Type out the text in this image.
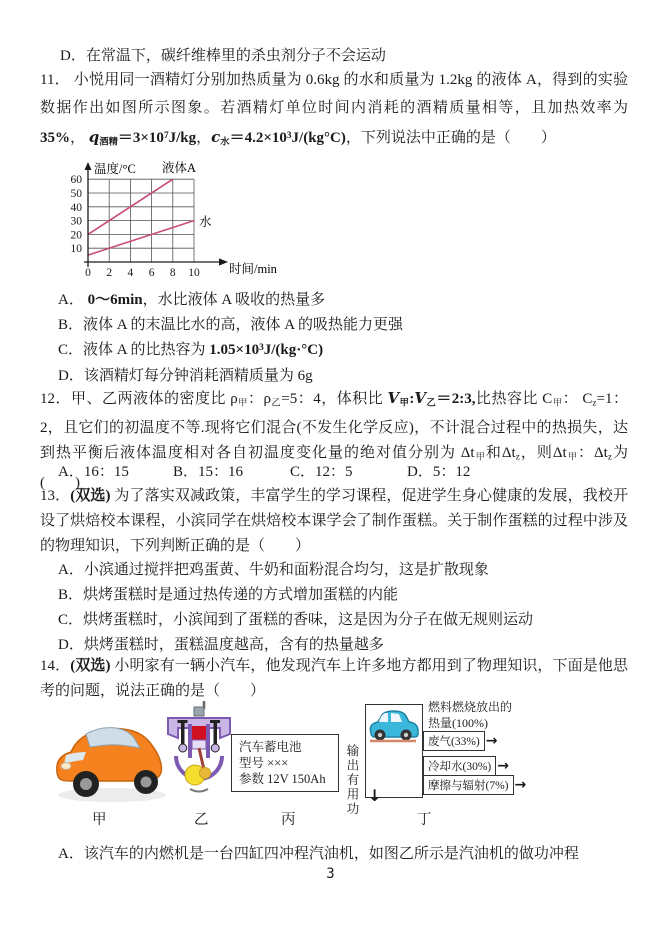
D．在常温下，碳纤维棒里的杀虫剂分子不会运动
11． 小悦用同一酒精灯分别加热质量为 0.6kg 的水和质量为 1.2kg 的液体 A，得到的实验数据作出如图所示图象。若酒精灯单位时间内消耗的酒精质量相等，且加热效率为 35%， $q_{酒精}=3\times 10^7J/kg$，$c_水=4.2\times 10^3J/(kg^\circ C)$，下列说法中正确的是（　　）
0 2 4 6 8 10
10
20
30
40
50
60
温度/°C 液体A
水
时间/min
A． 0～6min，水比液体 A 吸收的热量多
B．液体 A 的末温比水的高，液体 A 的吸热能力更强
C．液体 A 的比热容为 $1.05\times 10^3J/(kg\cdot^\circ C)$
D．该酒精灯每分钟消耗酒精质量为 6g
12．甲、乙两液体的密度比 $\rho_甲$：$\rho_乙=5$：4，体积比 $V_甲:V_乙=2:3$,比热容比 $C_甲$： $C_z=1$：2，且它们的初温度不等.现将它们混合(不发生化学反应)，不计混合过程中的热损失，达到热平衡后液体温度相对各自初温度变化量的绝对值分别为 $\Delta t_甲$和$\Delta t_z$，则$\Delta t_甲$：$\Delta t_z$为(　　)
A．16：15	B．15：16	C．12：5	D．5：12
13．(双选) 为了落实双减政策，丰富学生的学习课程，促进学生身心健康的发展，我校开设了烘焙校本课程，小滨同学在烘焙校本课学会了制作蛋糕。关于制作蛋糕的过程中涉及的物理知识，下列判断正确的是（　　）
A．小滨通过搅拌把鸡蛋黄、牛奶和面粉混合均匀，这是扩散现象
B．烘烤蛋糕时是通过热传递的方式增加蛋糕的内能
C．烘烤蛋糕时，小滨闻到了蛋糕的香味，这是因为分子在做无规则运动
D．烘烤蛋糕时，蛋糕温度越高，含有的热量越多
14．(双选) 小明家有一辆小汽车，他发现汽车上许多地方都用到了物理知识，下面是他思考的问题，说法正确的是（　　）
汽车蓄电池
型号 ×××
参数 12V 150Ah	输出有用功
燃料燃烧放出的
热量(100%)
废气(33%) →
冷却水(30%) →
摩擦与辐射(7%) →
↓
甲	乙	丙	丁
A．该汽车的内燃机是一台四缸四冲程汽油机，如图乙所示是汽油机的做功冲程
3
